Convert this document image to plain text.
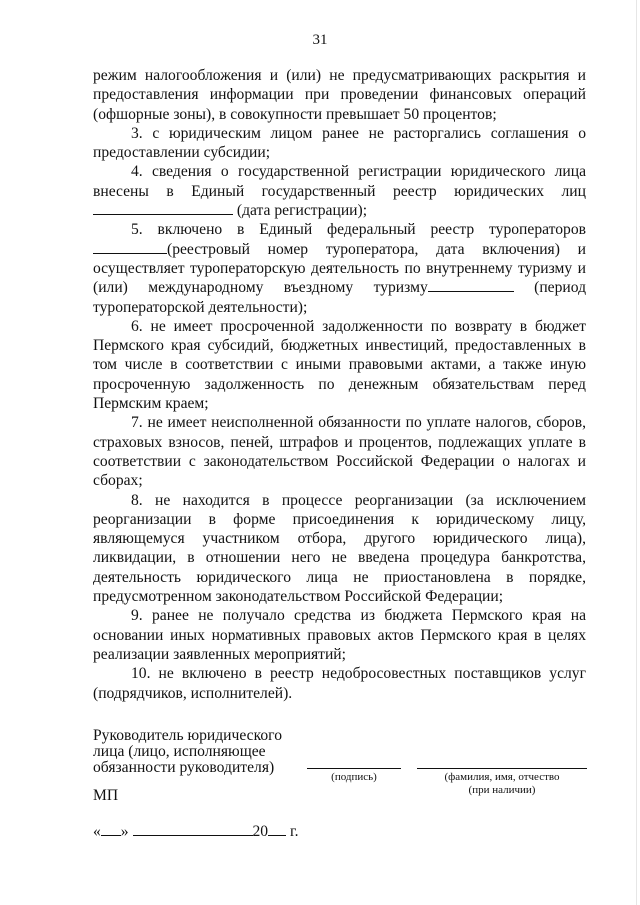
31

режим налогообложения и (или) не предусматривающих раскрытия и предоставления информации при проведении финансовых операций (офшорные зоны), в совокупности превышает 50 процентов;

3. с юридическим лицом ранее не расторгались соглашения о предоставлении субсидии;

4. сведения о государственной регистрации юридического лица внесены в Единый государственный реестр юридических лиц (дата регистрации);

5. включено в Единый федеральный реестр туроператоров(реестровый номер туроператора, дата включения) и осуществляет туроператорскую деятельность по внутреннему туризму и (или) международному въездному туризму	(период туроператорской деятельности);

6. не имеет просроченной задолженности по возврату в бюджет Пермского края субсидий, бюджетных инвестиций, предоставленных в том числе в соответствии с иными правовыми актами, а также иную просроченную задолженность по денежным обязательствам перед Пермским краем;

7. не имеет неисполненной обязанности по уплате налогов, сборов, страховых взносов, пеней, штрафов и процентов, подлежащих уплате в соответствии с законодательством Российской Федерации о налогах и сборах;

8. не находится в процессе реорганизации (за исключением реорганизации в форме присоединения к юридическому лицу, являющемуся участником отбора, другого юридического лица), ликвидации, в отношении него не введена процедура банкротства, деятельность юридического лица не приостановлена в порядке, предусмотренном законодательством Российской Федерации;

9. ранее не получало средства из бюджета Пермского края на основании иных нормативных правовых актов Пермского края в целях реализации заявленных мероприятий;

10. не включено в реестр недобросовестных поставщиков услуг (подрядчиков, исполнителей).

Руководитель юридического
лица (лицо, исполняющее
обязанности руководителя)
(подпись)	(фамилия, имя, отчество
(при наличии)
МП
« »	20 г.
